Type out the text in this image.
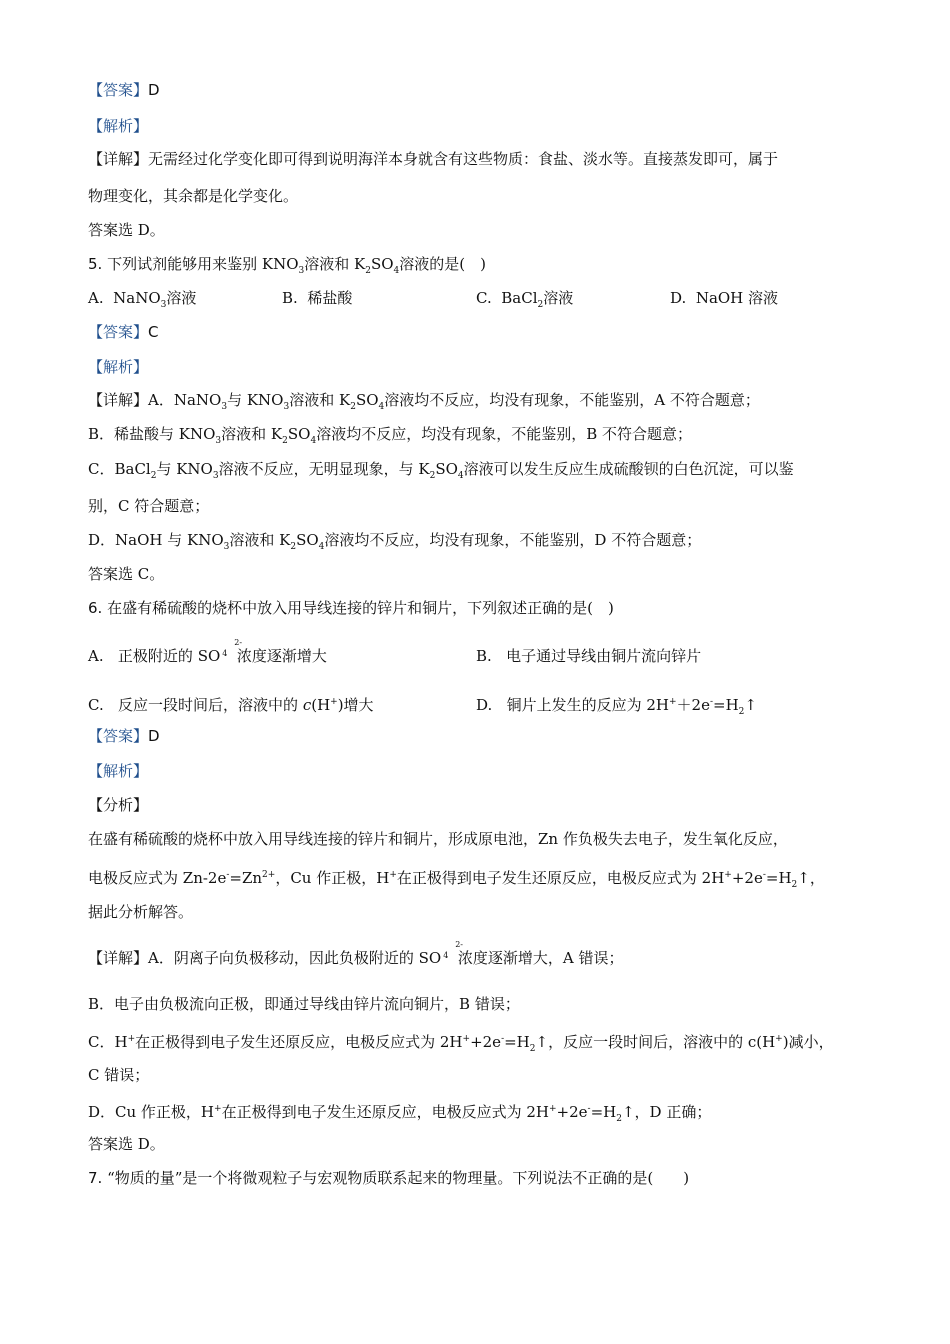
【答案】D
【解析】
【详解】无需经过化学变化即可得到说明海洋本身就含有这些物质：食盐、淡水等。直接蒸发即可，属于
物理变化，其余都是化学变化。
答案选 D。
5. 下列试剂能够用来鉴别 $KNO_3$溶液和 $K_2SO_4$溶液的是(　)
A. NaNO$_3$溶液	B. 稀盐酸	C. BaCl$_2$溶液	D. NaOH 溶液
【答案】C
【解析】
【详解】A．NaNO$_3$与 $KNO_3$溶液和 $K_2SO_4$溶液均不反应，均没有现象，不能鉴别，A 不符合题意；
B．稀盐酸与 $KNO_3$溶液和 $K_2SO_4$溶液均不反应，均没有现象，不能鉴别，B 不符合题意；
C．BaCl$_2$与 $KNO_3$溶液不反应，无明显现象，与 $K_2SO_4$溶液可以发生反应生成硫酸钡的白色沉淀，可以鉴
别，C 符合题意；
D．NaOH 与 $KNO_3$溶液和 $K_2SO_4$溶液均不反应，均没有现象，不能鉴别，D 不符合题意；
答案选 C。
6. 在盛有稀硫酸的烧杯中放入用导线连接的锌片和铜片，下列叙述正确的是(　)
A. 正极附近的 SO
2-
$^4$ 浓度逐渐增大	B. 电子通过导线由铜片流向锌片
C. 反应一段时间后，溶液中的 c(H+)增大	D. 铜片上发生的反应为 $2H^++2e^-=H_2↑$
【答案】D
【解析】
【分析】
在盛有稀硫酸的烧杯中放入用导线连接的锌片和铜片，形成原电池，Zn 作负极失去电子，发生氧化反应，
电极反应式为 $Zn-2e^-=Zn^{2+}$，Cu 作正极，H+在正极得到电子发生还原反应，电极反应式为 $2H^++2e^-=H_2↑$，
据此分析解答。
【详解】A．阴离子向负极移动，因此负极附近的 SO
2-
$^4$ 浓度逐渐增大，A 错误；
B．电子由负极流向正极，即通过导线由锌片流向铜片，B 错误；
C．H+在正极得到电子发生还原反应，电极反应式为 $2H^++2e^-=H_2↑$，反应一段时间后，溶液中的 c(H+)减小，
C 错误；
D．Cu 作正极，H+在正极得到电子发生还原反应，电极反应式为 $2H^++2e^-=H_2↑$，D 正确；
答案选 D。
7. “物质的量”是一个将微观粒子与宏观物质联系起来的物理量。下列说法不正确的是(　　)
